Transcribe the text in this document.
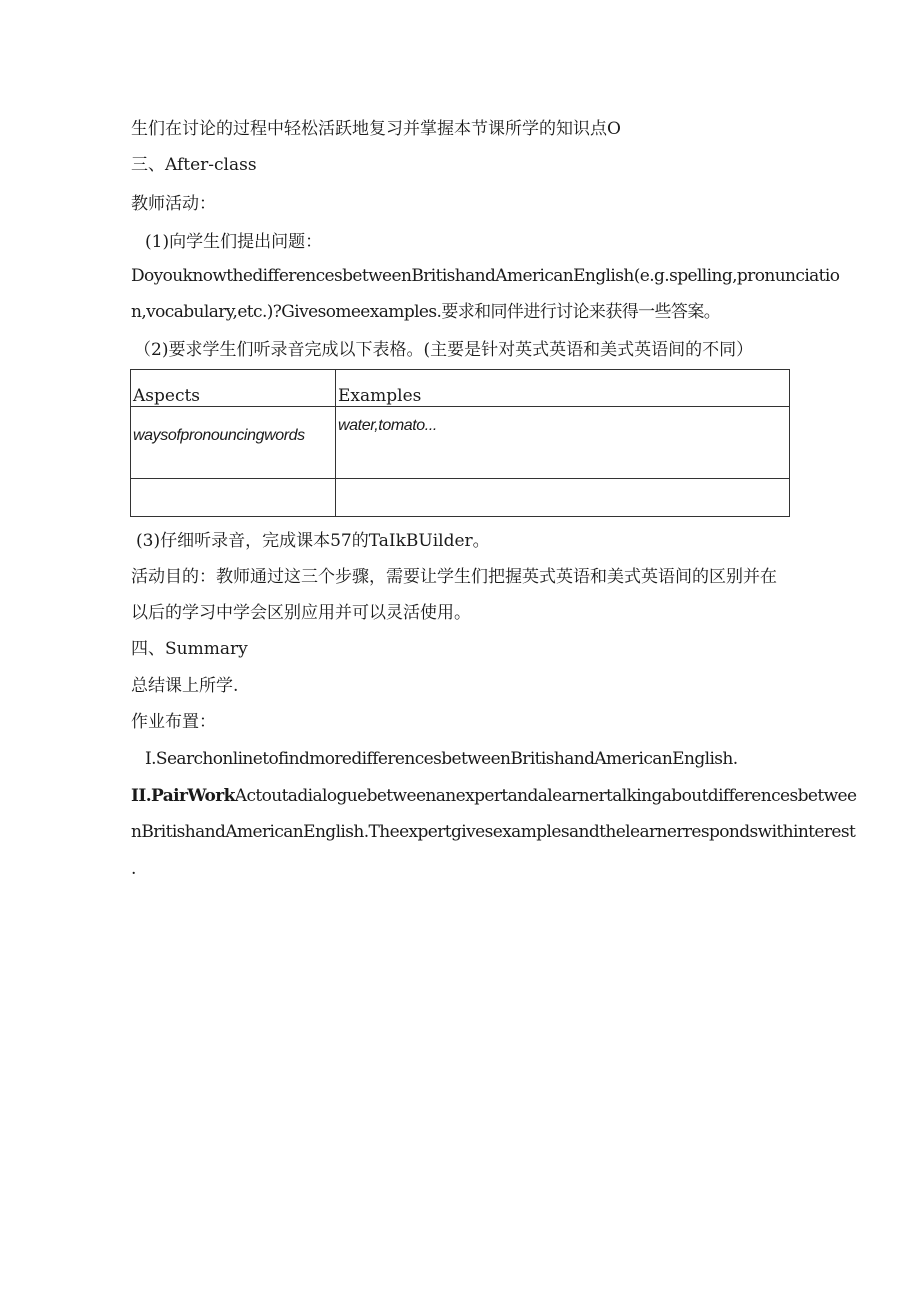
生们在讨论的过程中轻松活跃地复习并掌握本节课所学的知识点O
三、After-class
教师活动：
(1)向学生们提出问题：
DoyouknowthedifferencesbetweenBritishandAmericanEnglish(e.g.spelling,pronunciatio
n,vocabulary,etc.)?Givesomeexamples.要求和同伴进行讨论来获得一些答案。
（2)要求学生们听录音完成以下表格。(主要是针对英式英语和美式英语间的不同）
Aspects	Examples
waysofpronouncingwords	water,tomato...

(3)仔细听录音，完成课本57的TaIkBUilder。
活动目的：教师通过这三个步骤，需要让学生们把握英式英语和美式英语间的区别并在
以后的学习中学会区别应用并可以灵活使用。
四、Summary
总结课上所学.
作业布置：
I.SearchonlinetofindmoredifferencesbetweenBritishandAmericanEnglish.
II.PairWorkActoutadialoguebetweenanexpertandalearnertalkingaboutdifferencesbetwee
nBritishandAmericanEnglish.Theexpertgivesexamplesandthelearnerrespondswithinterest
.
